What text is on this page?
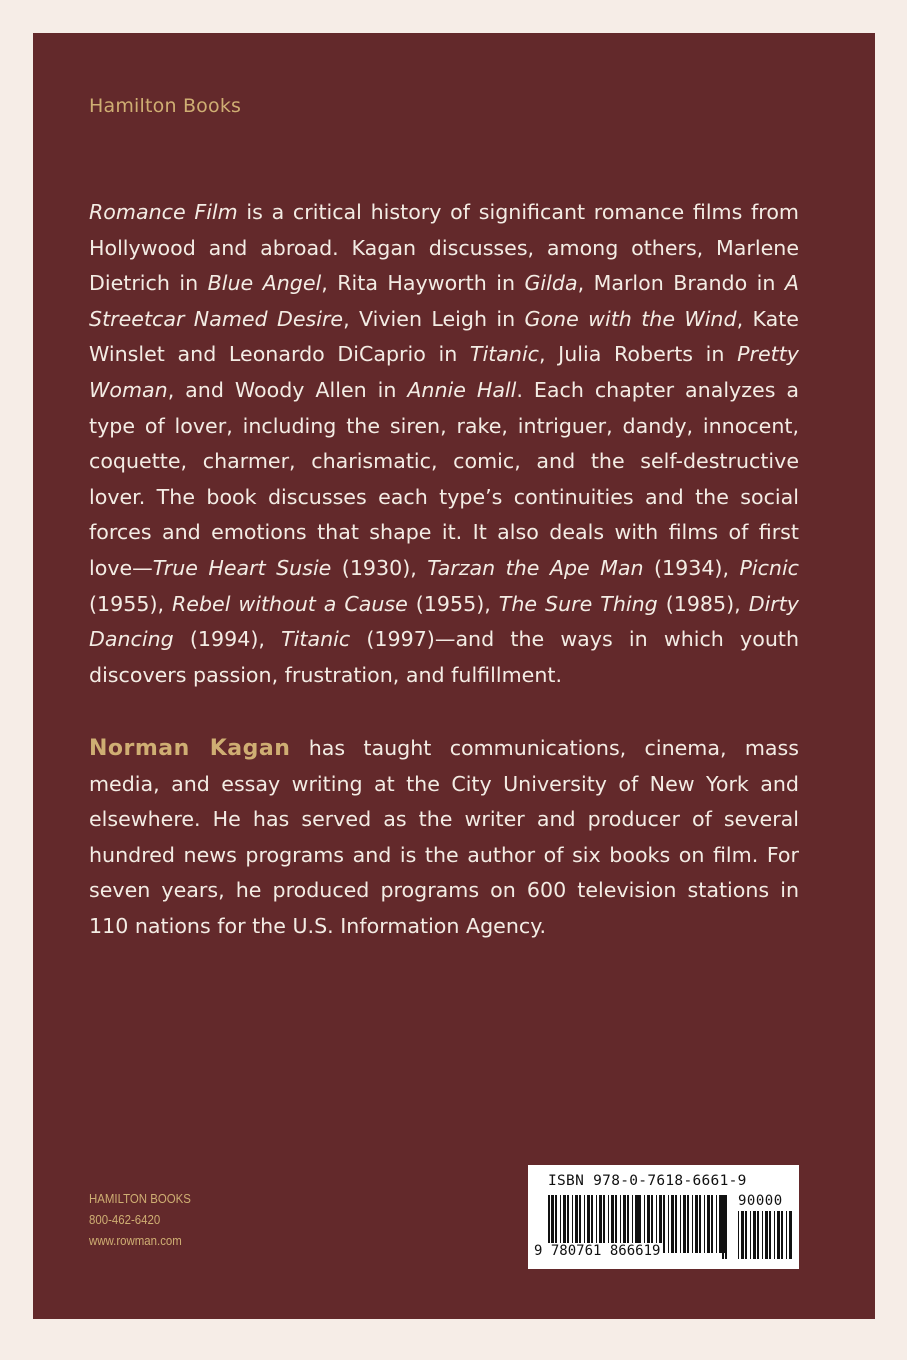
Hamilton Books

Romance Film is a critical history of significant romance films from Hollywood and abroad. Kagan discusses, among others, Marlene Dietrich in Blue Angel, Rita Hayworth in Gilda, Marlon Brando in A Streetcar Named Desire, Vivien Leigh in Gone with the Wind, Kate Winslet and Leonardo DiCaprio in Titanic, Julia Roberts in Pretty Woman, and Woody Allen in Annie Hall. Each chapter analyzes a type of lover, including the siren, rake, intriguer, dandy, innocent, coquette, charmer, charismatic, comic, and the self-destructive lover. The book discusses each type’s continuities and the social forces and emotions that shape it. It also deals with films of first love—True Heart Susie (1930), Tarzan the Ape Man (1934), Picnic (1955), Rebel without a Cause (1955), The Sure Thing (1985), Dirty Dancing (1994), Titanic (1997)—and the ways in which youth discovers passion, frustration, and fulfillment.

Norman Kagan has taught communications, cinema, mass media, and essay writing at the City University of New York and elsewhere. He has served as the writer and producer of several hundred news programs and is the author of six books on film. For seven years, he produced programs on 600 television stations in 110 nations for the U.S. Information Agency.

HAMILTON BOOKS
800-462-6420
www.rowman.com
ISBN 978-0-7618-6661-9
90000
9 780761 866619
